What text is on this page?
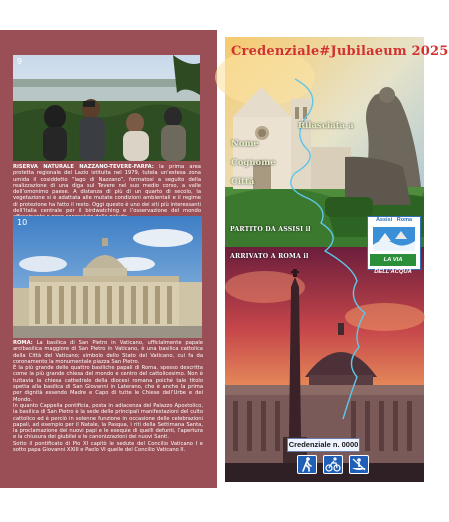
9

RISERVA NATURALE NAZZANO-TEVERE-FARFA: la prima area protetta regionale del Lazio istituita nel 1979, tutela un’estesa zona umida il cosiddetto “lago di Nazzano”, formatosi a seguito della realizzazione di una diga sul Tevere nel suo medio corso, a valle dell’omonimo paese. A distanza di più di un quarto di secolo, la vegetazione si è adattata alle mutate condizioni ambientali e il regime di protezione ha fatto il resto. Oggi questo è uno dei siti più interessanti dell’Italia centrale per il birdwatching e l’osservazione del mondo

10
ROMA: La basilica di San Pietro in Vaticano, ufficialmente papale arcibasilica maggiore di San Pietro in Vaticano, è una basilica cattolica della Città del Vaticano; simbolo dello Stato del Vaticano, cui fa da coronamento la monumentale piazza San Pietro.
È la più grande delle quattro basiliche papali di Roma, spesso descritta come la più grande chiesa del mondo e centro del cattolicesimo. Non è tuttavia la chiesa cattedrale della diocesi romana poiché tale titolo spetta alla basilica di San Giovanni in Laterano, che è anche la prima per dignità essendo Madre e Capo di tutte le Chiese dell’Urbe e del Mondo.
In quanto Cappella pontificia, posta in adiacenza del Palazzo Apostolico, la basilica di San Pietro è la sede delle principali manifestazioni del culto cattolico ed è perciò in solenne funzione in occasione delle celebrazioni papali, ad esempio per il Natale, la Pasqua, i riti della Settimana Santa, la proclamazione dei nuovi papi e le esequie di quelli defunti, l’apertura e la chiusura dei giubilei e le canonizzazioni dei nuovi Santi.
Sotto il pontificato di Pio XI capitò le sedute del Concilio Vaticano I e sotto papa Giovanni XXIII e Paolo VI quelle del Concilio Vaticano II.
Credenziale#Jubilaeum 2025
Rilasciata a
Nome
Cognome
Città
PARTITO DA ASSISI il
ARRIVATO A ROMA il
Assisi Roma
LA VIA DELL’ACQUA
Credenziale n. 0000
